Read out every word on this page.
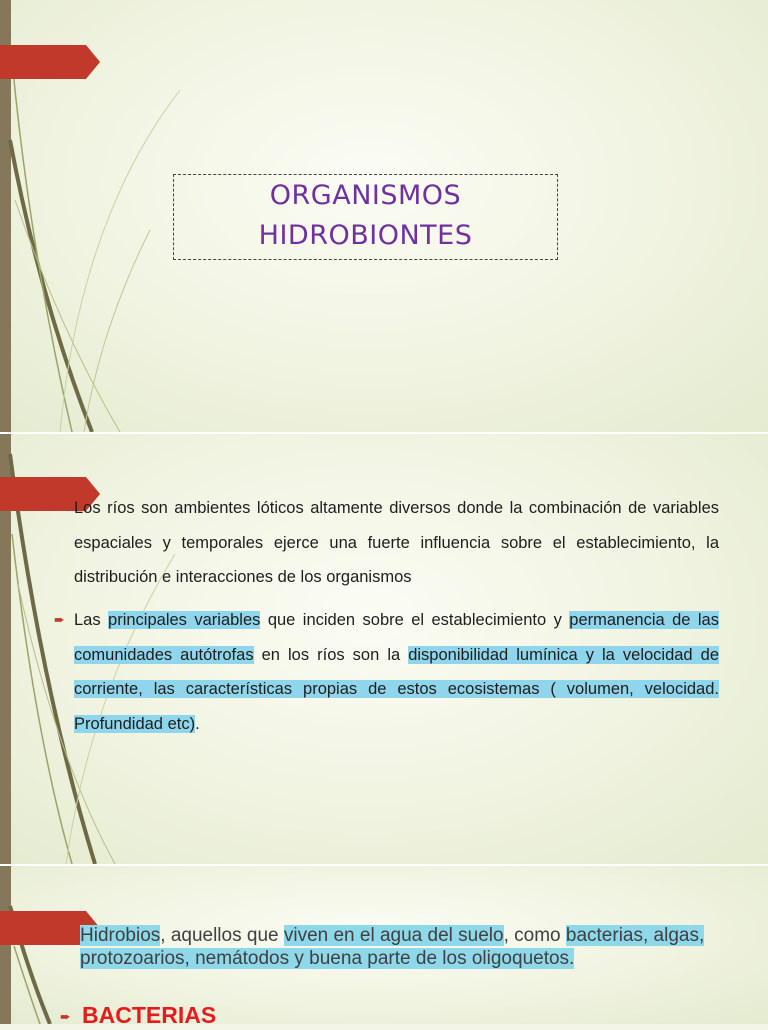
ORGANISMOS
HIDROBIONTES
➨ Los ríos son ambientes lóticos altamente diversos donde la combinación de variables espaciales y temporales ejerce una fuerte influencia sobre el establecimiento, la distribución e interacciones de los organismos
➨ Las principales variables que inciden sobre el establecimiento y permanencia de las comunidades autótrofas en los ríos son la disponibilidad lumínica y la velocidad de corriente, las características propias de estos ecosistemas ( volumen, velocidad. Profundidad etc).
Hidrobios, aquellos que viven en el agua del suelo, como bacterias, algas, protozoarios, nemátodos y buena parte de los oligoquetos.
➨ BACTERIAS
